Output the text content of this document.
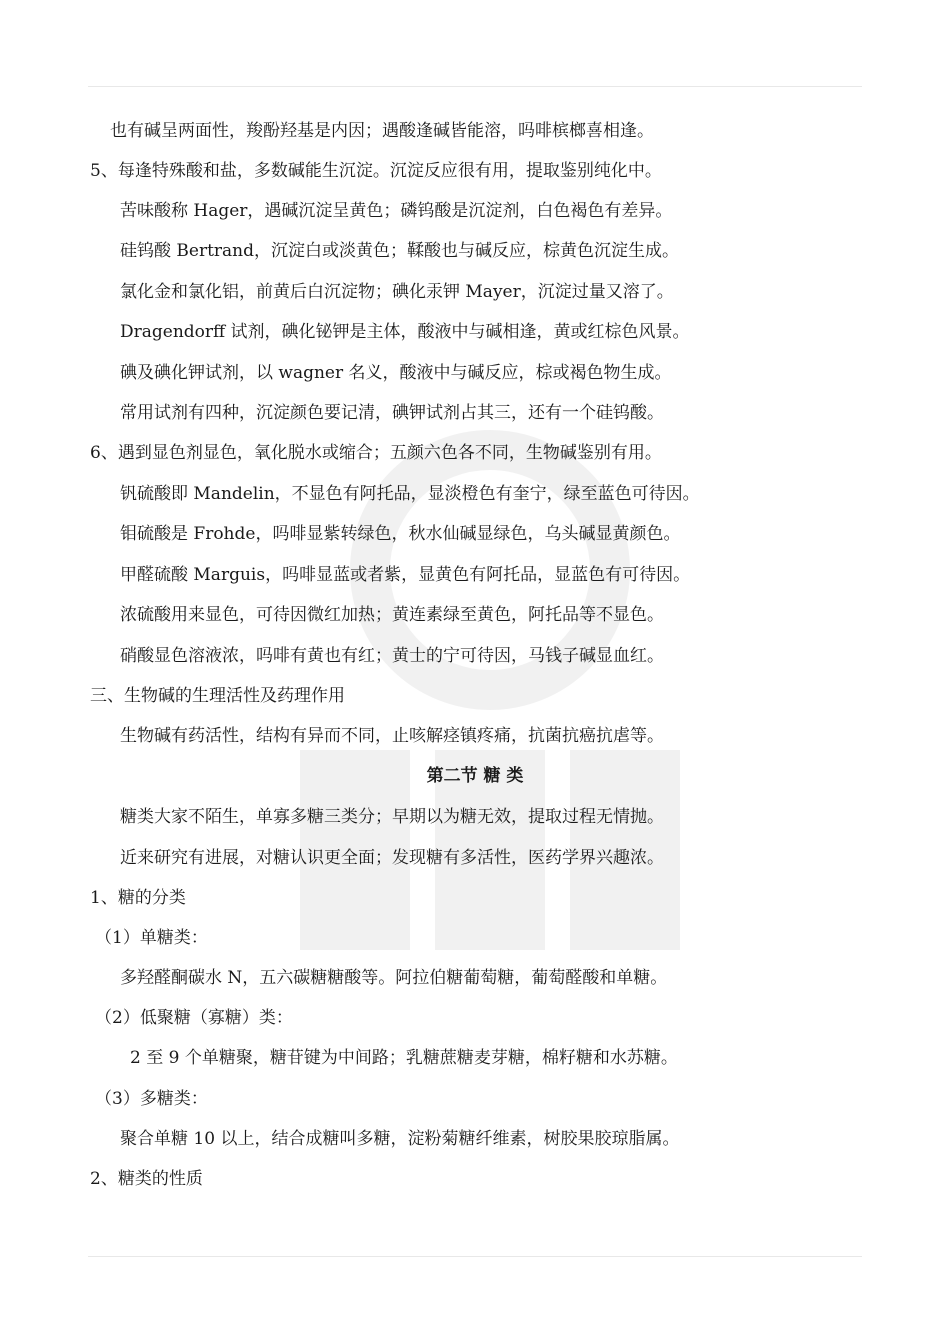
也有碱呈两面性，羧酚羟基是内因；遇酸逢碱皆能溶，吗啡槟榔喜相逢。
5、每逢特殊酸和盐，多数碱能生沉淀。沉淀反应很有用，提取鉴别纯化中。
苦味酸称 Hager，遇碱沉淀呈黄色；磷钨酸是沉淀剂，白色褐色有差异。
硅钨酸 Bertrand，沉淀白或淡黄色；鞣酸也与碱反应，棕黄色沉淀生成。
氯化金和氯化铝，前黄后白沉淀物；碘化汞钾 Mayer，沉淀过量又溶了。
Dragendorff 试剂，碘化铋钾是主体，酸液中与碱相逢，黄或红棕色风景。
碘及碘化钾试剂，以 wagner 名义，酸液中与碱反应，棕或褐色物生成。
常用试剂有四种，沉淀颜色要记清，碘钾试剂占其三，还有一个硅钨酸。
6、遇到显色剂显色，氧化脱水或缩合；五颜六色各不同，生物碱鉴别有用。
钒硫酸即 Mandelin，不显色有阿托品，显淡橙色有奎宁，绿至蓝色可待因。
钼硫酸是 Frohde，吗啡显紫转绿色，秋水仙碱显绿色，乌头碱显黄颜色。
甲醛硫酸 Marguis，吗啡显蓝或者紫，显黄色有阿托品，显蓝色有可待因。
浓硫酸用来显色，可待因微红加热；黄连素绿至黄色，阿托品等不显色。
硝酸显色溶液浓，吗啡有黄也有红；黄士的宁可待因，马钱子碱显血红。
三、生物碱的生理活性及药理作用
生物碱有药活性，结构有异而不同，止咳解痉镇疼痛，抗菌抗癌抗虐等。
第二节 糖 类
糖类大家不陌生，单寡多糖三类分；早期以为糖无效，提取过程无情抛。
近来研究有进展，对糖认识更全面；发现糖有多活性，医药学界兴趣浓。
1、糖的分类
（1）单糖类：
多羟醛酮碳水 N，五六碳糖糖酸等。阿拉伯糖葡萄糖，葡萄醛酸和单糖。
（2）低聚糖（寡糖）类：
2 至 9 个单糖聚，糖苷键为中间路；乳糖蔗糖麦芽糖，棉籽糖和水苏糖。
（3）多糖类：
聚合单糖 10 以上，结合成糖叫多糖，淀粉菊糖纤维素，树胶果胶琼脂属。
2、糖类的性质
